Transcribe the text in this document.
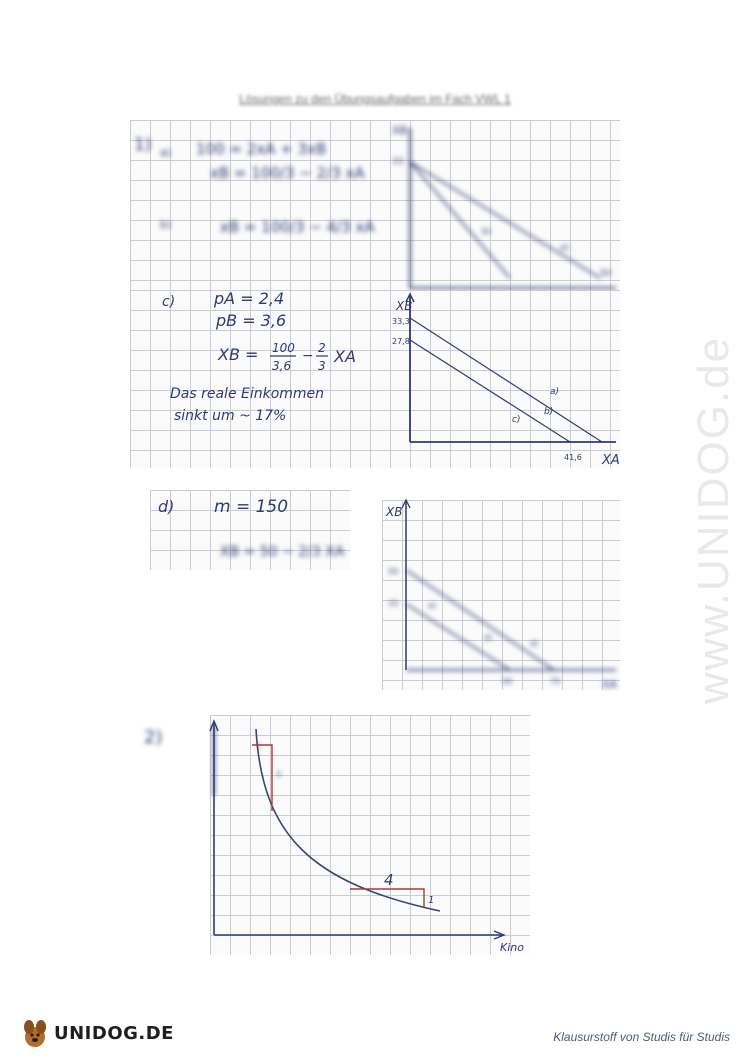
Lösungen zu den Übungsaufgaben im Fach VWL 1
www.UNIDOG.de
1) a) 100 = 2xA + 3xB
xB = 100/3 − 2/3 xA
b)	xB = 100/3 − 4/3 xA
XB
33
50
a)
b)
c) pA = 2,4
pB = 3,6
XB = 100
3,6
− 2
3 XA
Das reale Einkommen
sinkt um ~ 17%
XB
33,3
27,8
41,6 XA
a)
b)
c)
d) m = 150
XB = 50 − 2/3 XA
XB
50
33
50	75	XA
a)
d)
d)
2)	1
3
4
1
Kino
UNIDOG.DE	Klausurstoff von Studis für Studis
